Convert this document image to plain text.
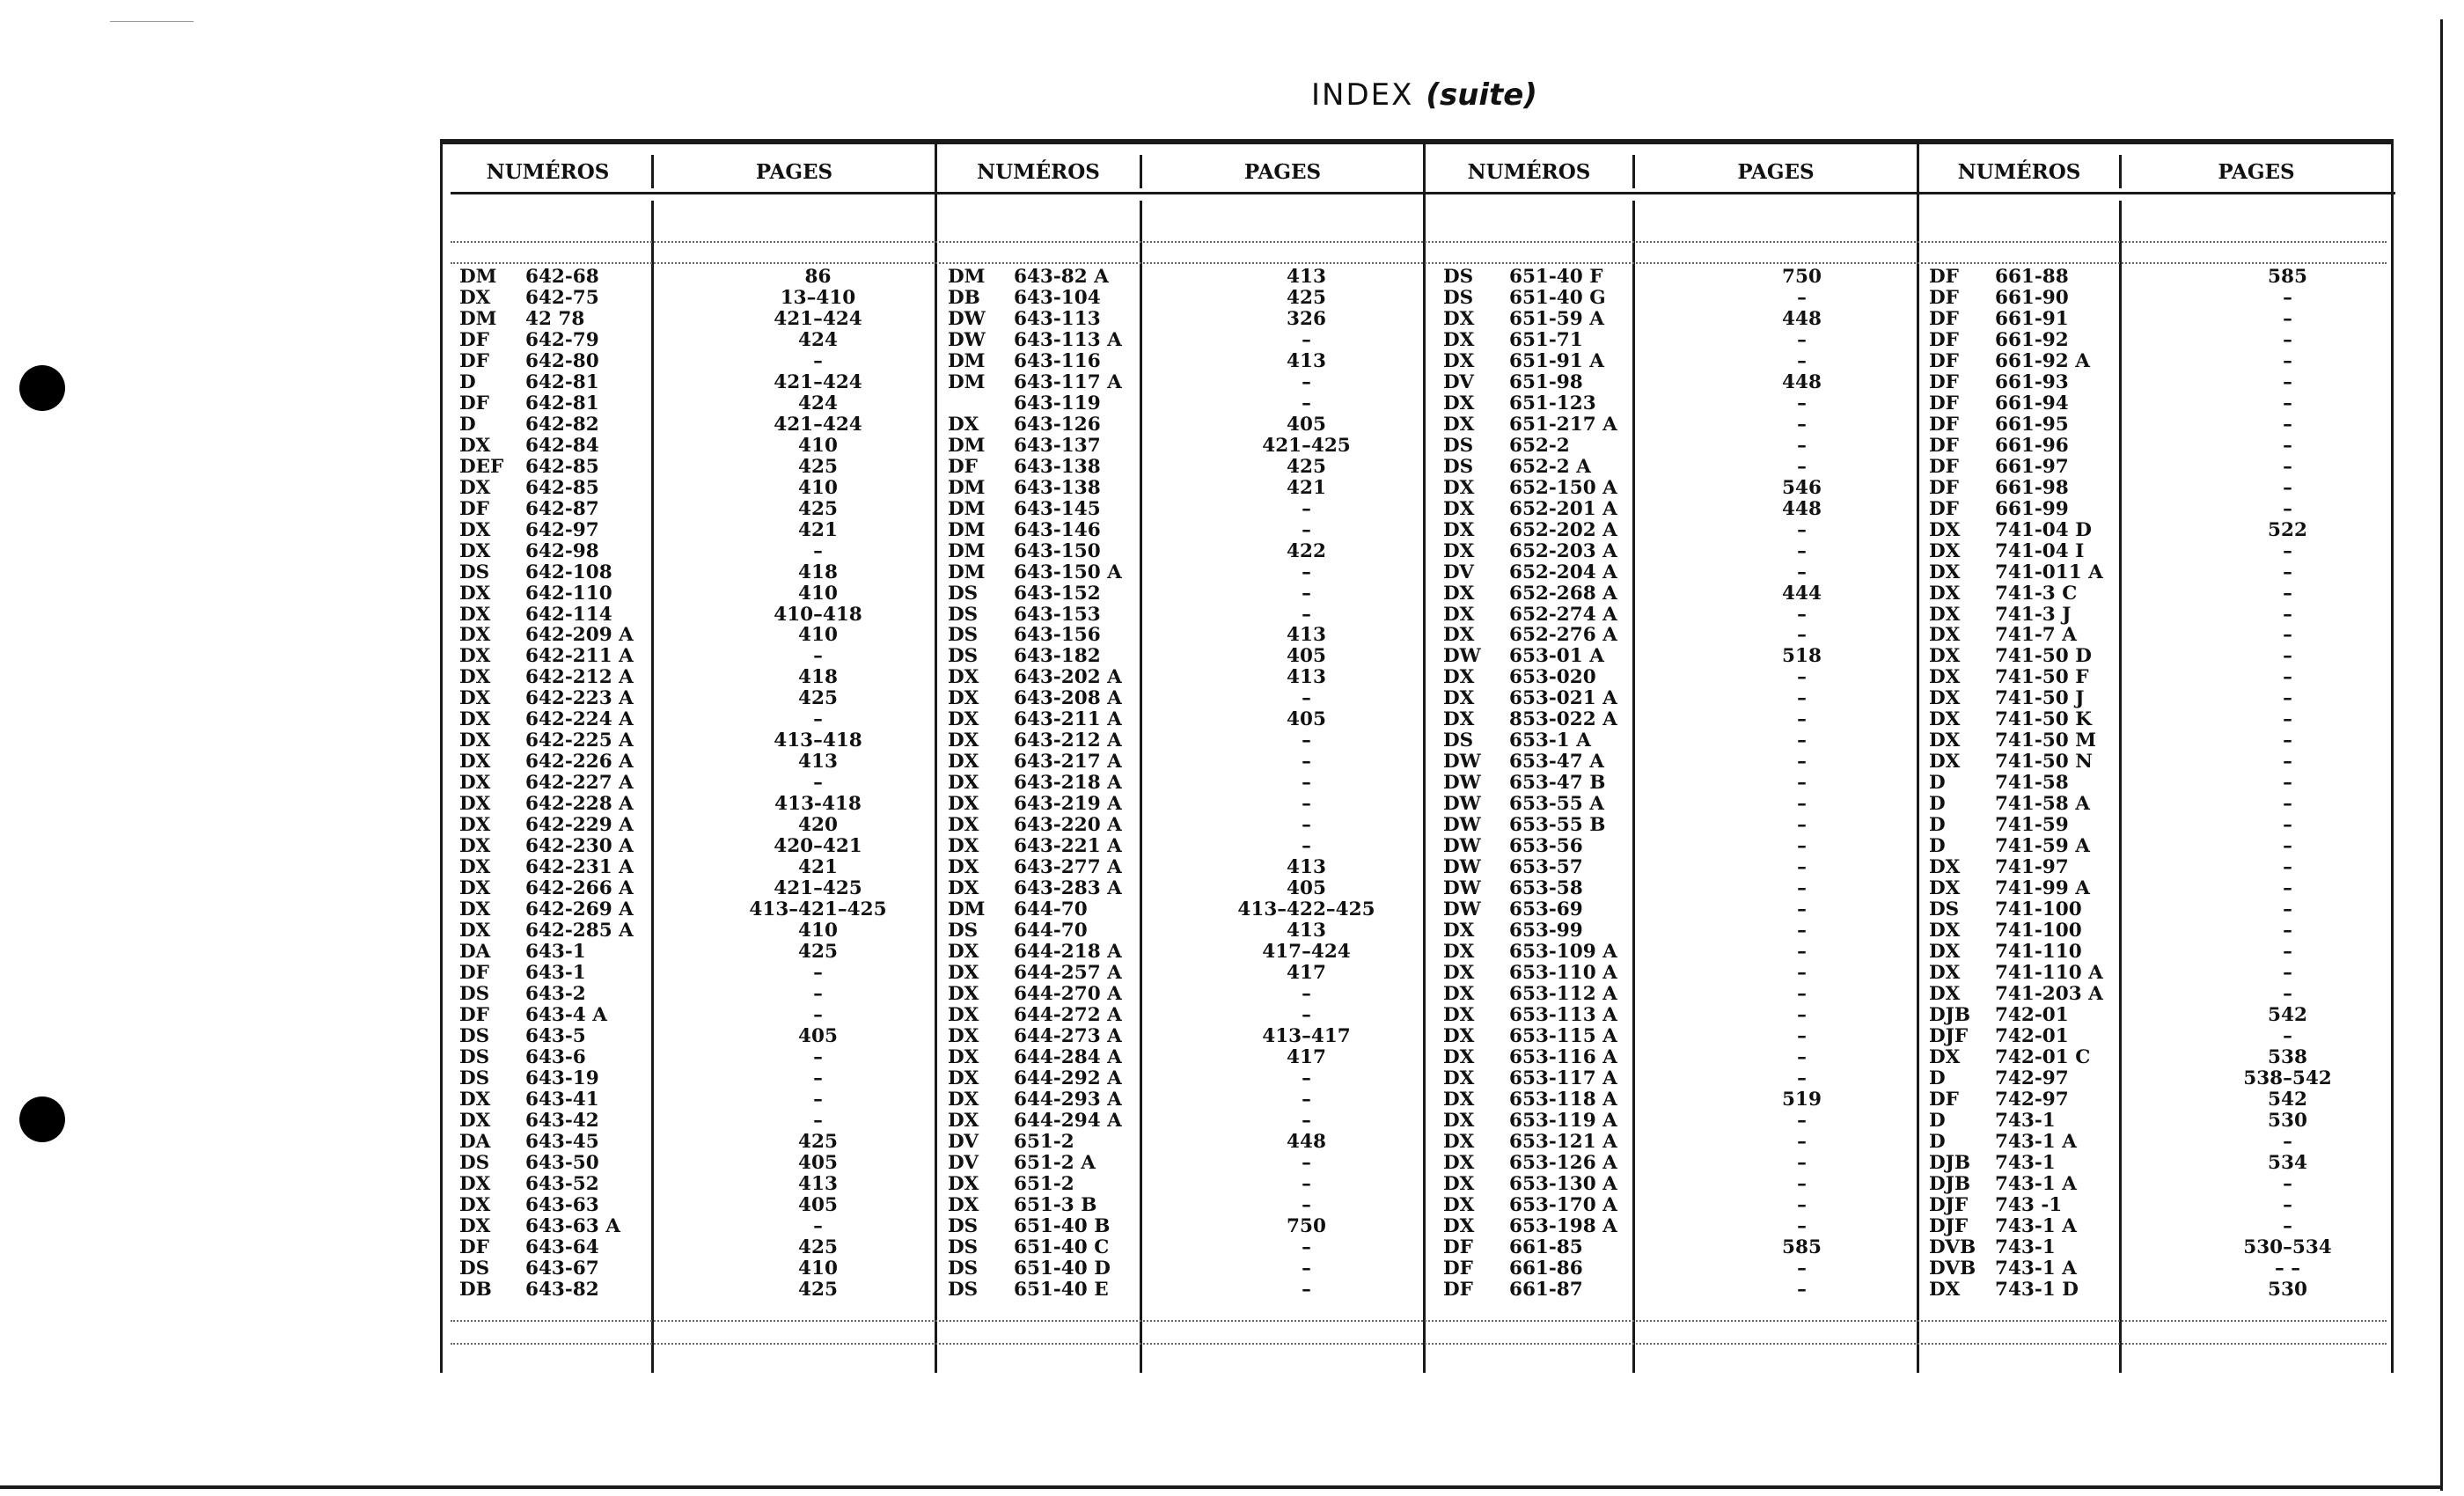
INDEX (suite)
NUMÉROS	PAGES	NUMÉROS	PAGES	NUMÉROS	PAGES	NUMÉROS	PAGES
DM 642-68	86
DX 642-75	13–410
DM 42 78	421–424
DF 642-79	424
DF 642-80	–
D	642-81	421–424
DF 642-81	424
D	642-82	421–424
DX 642-84	410
DEF 642-85	425
DX 642-85	410
DF 642-87	425
DX 642-97	421
DX 642-98	–
DS 642-108	418
DX 642-110	410
DX 642-114	410–418
DX 642-209 A	410
DX 642-211 A	–
DX 642-212 A	418
DX 642-223 A	425
DX 642-224 A	–
DX 642-225 A	413–418
DX 642-226 A	413
DX 642-227 A	–
DX 642-228 A	413-418
DX 642-229 A	420
DX 642-230 A	420–421
DX 642-231 A	421
DX 642-266 A	421–425
DX 642-269 A	413–421–425
DX 642-285 A	410
DA 643-1	425
DF 643-1	–
DS 643-2	–
DF 643-4 A	–
DS 643-5	405
DS 643-6	–
DS 643-19	–
DX 643-41	–
DX 643-42	–
DA 643-45	425
DS 643-50	405
DX 643-52	413
DX 643-63	405
DX 643-63 A	–
DF 643-64	425
DS 643-67	410
DB 643-82	425
DM 643-82 A	413
DB 643-104	425
DW 643-113	326
DW 643-113 A	–
DM 643-116	413
DM 643-117 A	–
643-119	–
DX 643-126	405
DM 643-137	421–425
DF 643-138	425
DM 643-138	421
DM 643-145	–
DM 643-146	–
DM 643-150	422
DM 643-150 A	–
DS 643-152	–
DS 643-153	–
DS 643-156	413
DS 643-182	405
DX 643-202 A	413
DX 643-208 A	–
DX 643-211 A	405
DX 643-212 A	–
DX 643-217 A	–
DX 643-218 A	–
DX 643-219 A	–
DX 643-220 A	–
DX 643-221 A	–
DX 643-277 A	413
DX 643-283 A	405
DM 644-70	413–422–425
DS 644-70	413
DX 644-218 A	417–424
DX 644-257 A	417
DX 644-270 A	–
DX 644-272 A	–
DX 644-273 A	413–417
DX 644-284 A	417
DX 644-292 A	–
DX 644-293 A	–
DX 644-294 A	–
DV 651-2	448
DV 651-2 A	–
DX 651-2	–
DX 651-3 B	–
DS 651-40 B	750
DS 651-40 C	–
DS 651-40 D	–
DS 651-40 E	–
DS 651-40 F	750
DS 651-40 G	–
DX 651-59 A	448
DX 651-71	–
DX 651-91 A	–
DV 651-98	448
DX 651-123	–
DX 651-217 A	–
DS 652-2	–
DS 652-2 A	–
DX 652-150 A	546
DX 652-201 A	448
DX 652-202 A	–
DX 652-203 A	–
DV 652-204 A	–
DX 652-268 A	444
DX 652-274 A	–
DX 652-276 A	–
DW 653-01 A	518
DX 653-020	–
DX 653-021 A	–
DX 853-022 A	–
DS 653-1 A	–
DW 653-47 A	–
DW 653-47 B	–
DW 653-55 A	–
DW 653-55 B	–
DW 653-56	–
DW 653-57	–
DW 653-58	–
DW 653-69	–
DX 653-99	–
DX 653-109 A	–
DX 653-110 A	–
DX 653-112 A	–
DX 653-113 A	–
DX 653-115 A	–
DX 653-116 A	–
DX 653-117 A	–
DX 653-118 A	519
DX 653-119 A	–
DX 653-121 A	–
DX 653-126 A	–
DX 653-130 A	–
DX 653-170 A	–
DX 653-198 A	–
DF 661-85	585
DF 661-86	–
DF 661-87	–
DF 661-88	585
DF 661-90	–
DF 661-91	–
DF 661-92	–
DF 661-92 A	–
DF 661-93	–
DF 661-94	–
DF 661-95	–
DF 661-96	–
DF 661-97	–
DF 661-98	–
DF 661-99	–
DX 741-04 D	522
DX 741-04 I	–
DX 741-011 A	–
DX 741-3 C	–
DX 741-3 J	–
DX 741-7 A	–
DX 741-50 D	–
DX 741-50 F	–
DX 741-50 J	–
DX 741-50 K	–
DX 741-50 M	–
DX 741-50 N	–
D	741-58	–
D	741-58 A	–
D	741-59	–
D	741-59 A	–
DX 741-97	–
DX 741-99 A	–
DS 741-100	–
DX 741-100	–
DX 741-110	–
DX 741-110 A	–
DX 741-203 A	–
DJB 742-01	542
DJF 742-01	–
DX 742-01 C	538
D	742-97	538–542
DF 742-97	542
D	743-1	530
D	743-1 A	–
DJB 743-1	534
DJB 743-1 A	–
DJF 743 -1	–
DJF 743-1 A	–
DVB 743-1	530–534
DVB 743-1 A	– –
DX 743-1 D	530
